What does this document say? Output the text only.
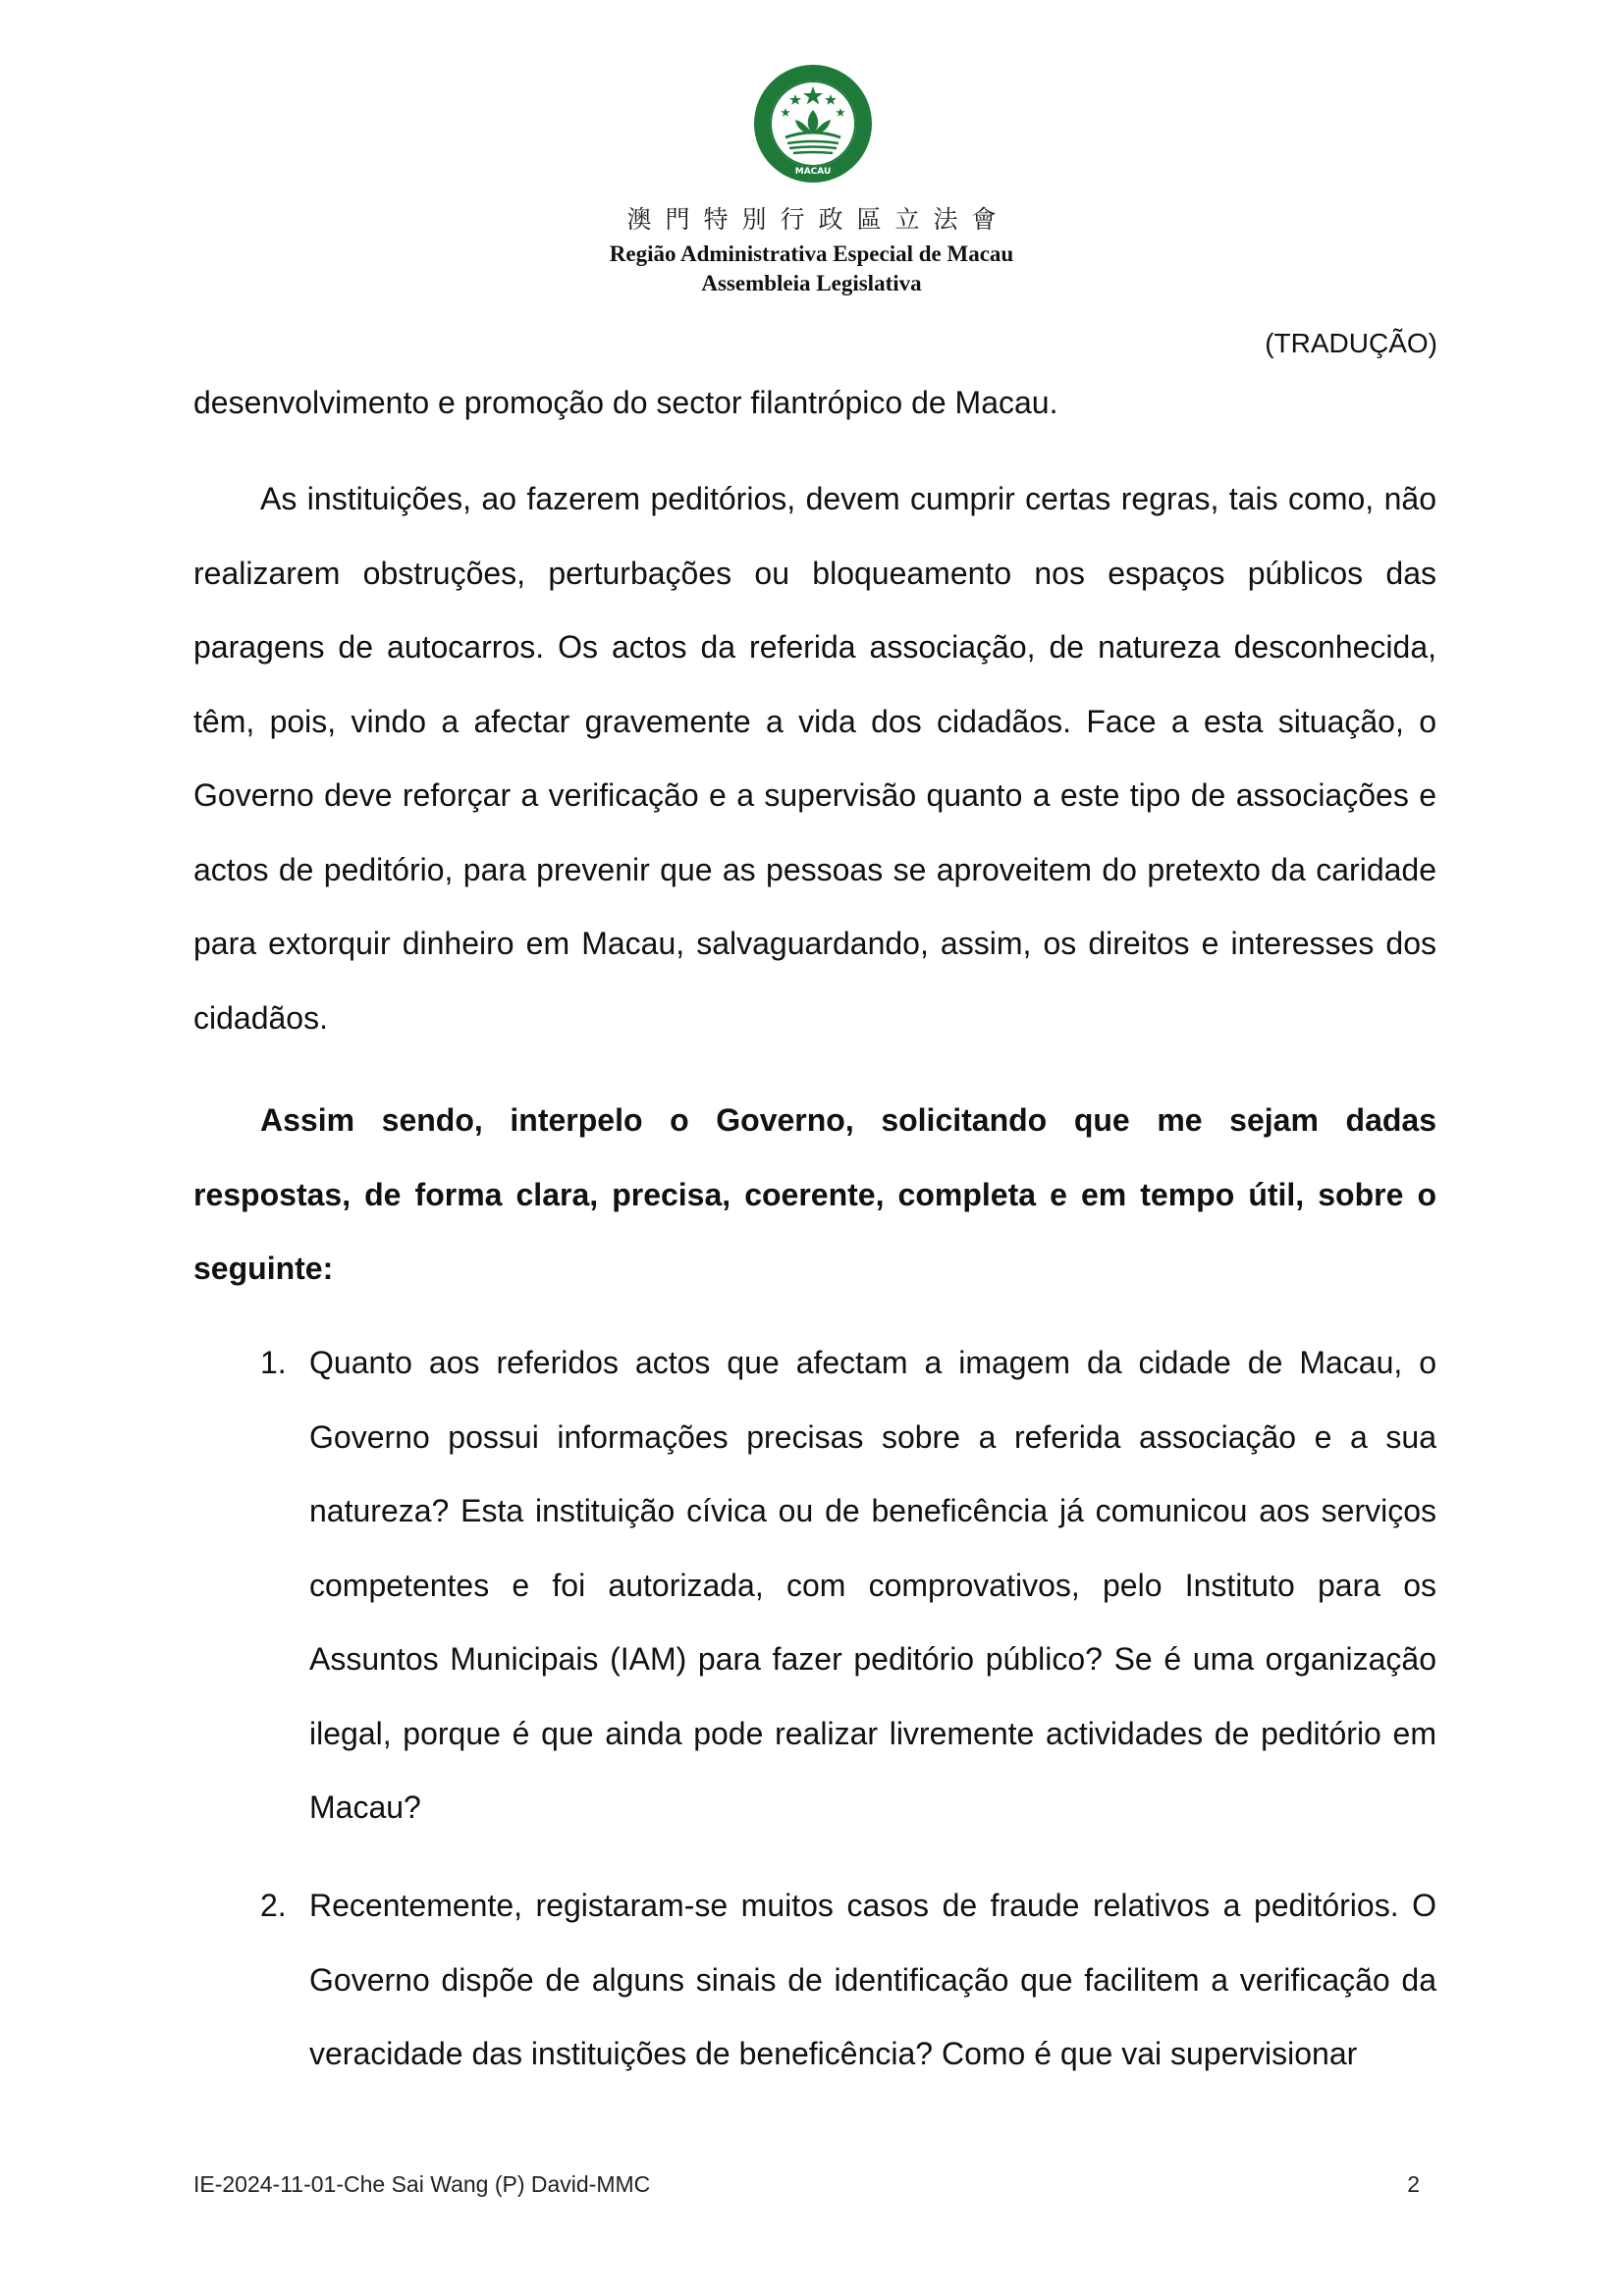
MACAU
澳門特別行政區立法會
Região Administrativa Especial de Macau
Assembleia Legislativa
(TRADUÇÃO)

desenvolvimento e promoção do sector filantrópico de Macau.

As instituições, ao fazerem peditórios, devem cumprir certas regras, tais como, não realizarem obstruções, perturbações ou bloqueamento nos espaços públicos das paragens de autocarros. Os actos da referida associação, de natureza desconhecida, têm, pois, vindo a afectar gravemente a vida dos cidadãos. Face a esta situação, o Governo deve reforçar a verificação e a supervisão quanto a este tipo de associações e actos de peditório, para prevenir que as pessoas se aproveitem do pretexto da caridade para extorquir dinheiro em Macau, salvaguardando, assim, os direitos e interesses dos cidadãos.

Assim sendo, interpelo o Governo, solicitando que me sejam dadas respostas, de forma clara, precisa, coerente, completa e em tempo útil, sobre o seguinte:

1. Quanto aos referidos actos que afectam a imagem da cidade de Macau, o Governo possui informações precisas sobre a referida associação e a sua natureza? Esta instituição cívica ou de beneficência já comunicou aos serviços competentes e foi autorizada, com comprovativos, pelo Instituto para os Assuntos Municipais (IAM) para fazer peditório público? Se é uma organização ilegal, porque é que ainda pode realizar livremente actividades de peditório em Macau?
2. Recentemente, registaram-se muitos casos de fraude relativos a peditórios. O Governo dispõe de alguns sinais de identificação que facilitem a verificação da veracidade das instituições de beneficência? Como é que vai supervisionar
IE-2024-11-01-Che Sai Wang (P) David-MMC	2
